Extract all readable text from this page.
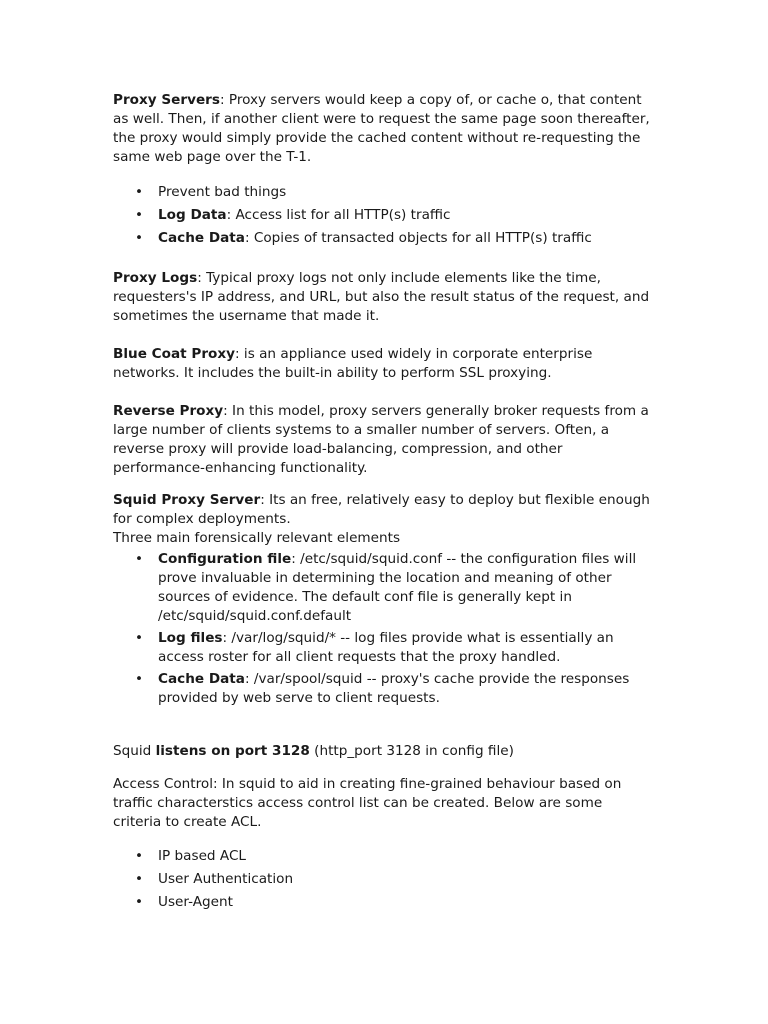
Proxy Servers: Proxy servers would keep a copy of, or cache o, that content as well. Then, if another client were to request the same page soon thereafter, the proxy would simply provide the cached content without re-requesting the same web page over the T-1.

• Prevent bad things
• Log Data: Access list for all HTTP(s) traffic
• Cache Data: Copies of transacted objects for all HTTP(s) traffic

Proxy Logs: Typical proxy logs not only include elements like the time, requesters's IP address, and URL, but also the result status of the request, and sometimes the username that made it.

Blue Coat Proxy: is an appliance used widely in corporate enterprise networks. It includes the built-in ability to perform SSL proxying.

Reverse Proxy: In this model, proxy servers generally broker requests from a large number of clients systems to a smaller number of servers. Often, a reverse proxy will provide load-balancing, compression, and other performance-enhancing functionality.

Squid Proxy Server: Its an free, relatively easy to deploy but flexible enough for complex deployments.

Three main forensically relevant elements

• Configuration file: /etc/squid/squid.conf -- the configuration files will prove invaluable in determining the location and meaning of other sources of evidence. The default conf file is generally kept in /etc/squid/squid.conf.default
• Log files: /var/log/squid/* -- log files provide what is essentially an access roster for all client requests that the proxy handled.
• Cache Data: /var/spool/squid -- proxy's cache provide the responses provided by web serve to client requests.

Squid listens on port 3128 (http_port 3128 in config file)

Access Control: In squid to aid in creating fine-grained behaviour based on traffic characterstics access control list can be created. Below are some criteria to create ACL.

• IP based ACL
• User Authentication
• User-Agent
